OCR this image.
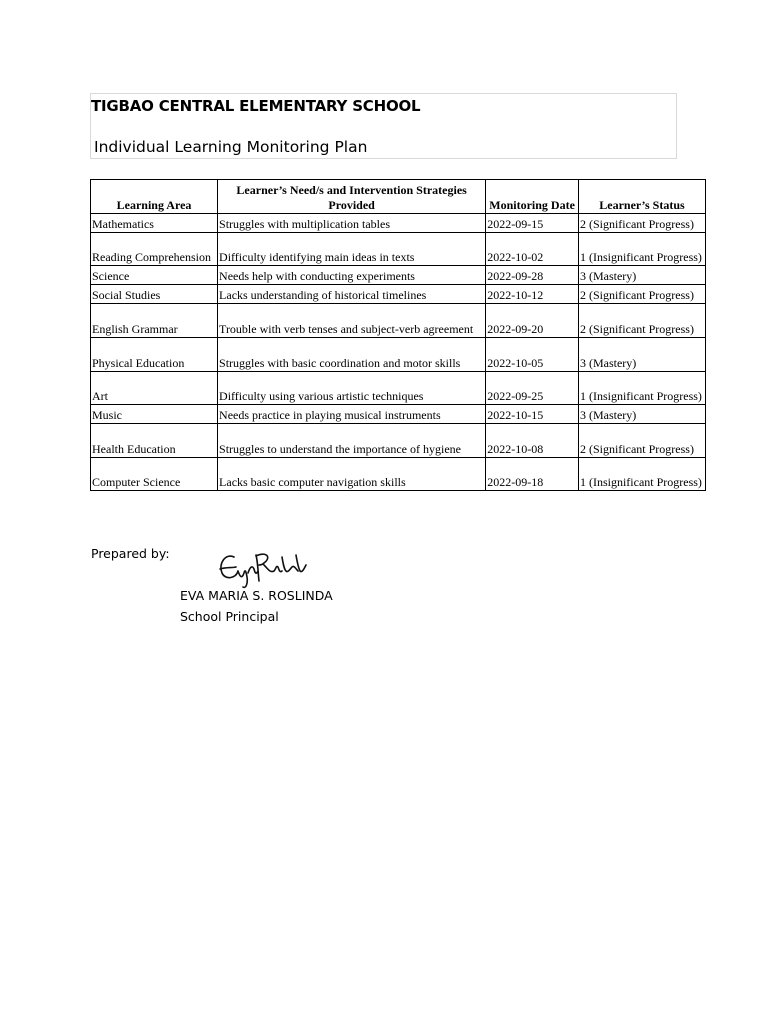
TIGBAO CENTRAL ELEMENTARY SCHOOL
Individual Learning Monitoring Plan
Learning Area	Learner’s Need/s and Intervention Strategies Provided	Monitoring Date	Learner’s Status
Mathematics	Struggles with multiplication tables	2022-09-15	2 (Significant Progress)
Reading Comprehension	Difficulty identifying main ideas in texts	2022-10-02	1 (Insignificant Progress)
Science	Needs help with conducting experiments	2022-09-28	3 (Mastery)
Social Studies	Lacks understanding of historical timelines	2022-10-12	2 (Significant Progress)
English Grammar	Trouble with verb tenses and subject-verb agreement	2022-09-20	2 (Significant Progress)
Physical Education	Struggles with basic coordination and motor skills	2022-10-05	3 (Mastery)
Art	Difficulty using various artistic techniques	2022-09-25	1 (Insignificant Progress)
Music	Needs practice in playing musical instruments	2022-10-15	3 (Mastery)
Health Education	Struggles to understand the importance of hygiene	2022-10-08	2 (Significant Progress)
Computer Science	Lacks basic computer navigation skills	2022-09-18	1 (Insignificant Progress)
Prepared by:
EVA MARIA S. ROSLINDA
School Principal
